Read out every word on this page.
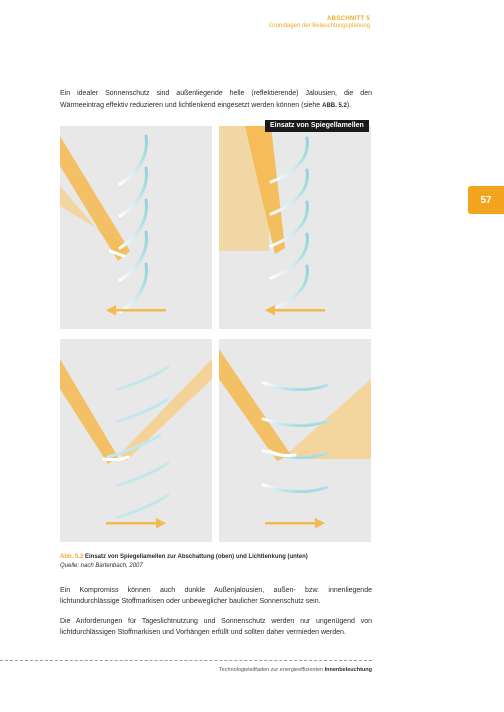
ABSCHNITT 5
Grundlagen der Beleuchtungsplanung
57
Ein idealer Sonnenschutz sind außenliegende helle (reflektierende) Jalousien, die den Wärmeeintrag effektiv reduzieren und lichtlenkend eingesetzt werden können (siehe ABB. 5.2).
Einsatz von Spiegellamellen
Abb. 5.2 Einsatz von Spiegellamellen zur Abschattung (oben) und Lichtlenkung (unten)
Quelle: nach Bartenbach, 2007
Ein Kompromiss können auch dunkle Außenjalousien, außen- bzw. innenliegende lichtundurchlässige Stoffmarkisen oder unbeweglicher baulicher Sonnenschutz sein.
Die Anforderungen für Tageslichtnutzung und Sonnenschutz werden nur ungenügend von lichtdurchlässigen Stoffmarkisen und Vorhängen erfüllt und sollten daher vermieden werden.
Technologieleitfaden zur energieeffizienten Innenbeleuchtung
